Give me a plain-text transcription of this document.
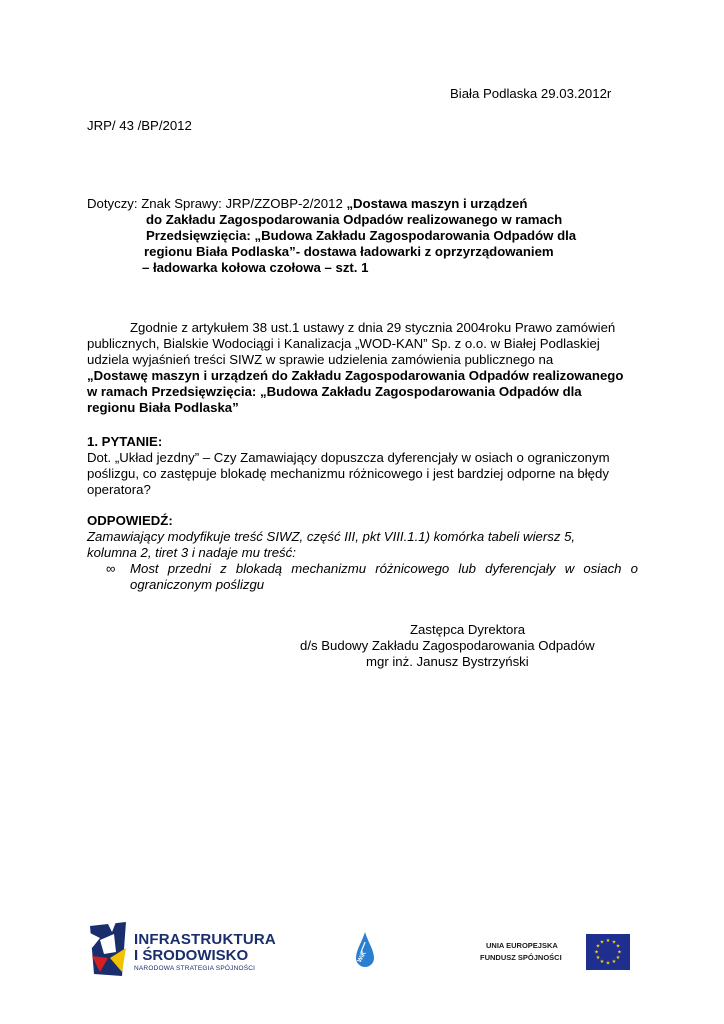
Biała Podlaska 29.03.2012r
JRP/ 43 /BP/2012
Dotyczy: Znak Sprawy: JRP/ZZOBP-2/2012 „Dostawa maszyn i urządzeń
do Zakładu Zagospodarowania Odpadów realizowanego w ramach
Przedsięwzięcia: „Budowa Zakładu Zagospodarowania Odpadów dla
regionu Biała Podlaska”- dostawa ładowarki z oprzyrządowaniem
– ładowarka kołowa czołowa – szt. 1
Zgodnie z artykułem 38 ust.1 ustawy z dnia 29 stycznia 2004roku Prawo zamówień
publicznych, Bialskie Wodociągi i Kanalizacja „WOD-KAN” Sp. z o.o. w Białej Podlaskiej
udziela wyjaśnień treści SIWZ w sprawie udzielenia zamówienia publicznego na
„Dostawę maszyn i urządzeń do Zakładu Zagospodarowania Odpadów realizowanego
w ramach Przedsięwzięcia: „Budowa Zakładu Zagospodarowania Odpadów dla
regionu Biała Podlaska”
1. PYTANIE:
Dot. „Układ jezdny” – Czy Zamawiający dopuszcza dyferencjały w osiach o ograniczonym
poślizgu, co zastępuje blokadę mechanizmu różnicowego i jest bardziej odporne na błędy
operatora?
ODPOWIEDŹ:
Zamawiający modyfikuje treść SIWZ, część III, pkt VIII.1.1) komórka tabeli wiersz 5,
kolumna 2, tiret 3 i nadaje mu treść:
∞ Most przedni z blokadą mechanizmu różnicowego lub dyferencjały w osiach o
ograniczonym poślizgu
Zastępca Dyrektora
d/s Budowy Zakładu Zagospodarowania Odpadów
mgr inż. Janusz Bystrzyński
INFRASTRUKTURA
I ŚRODOWISKO
NARODOWA STRATEGIA SPÓJNOŚCI
WiK
UNIA EUROPEJSKA
FUNDUSZ SPÓJNOŚCI
★ ★
★
★
★
★
★
★
★
★
★
★
